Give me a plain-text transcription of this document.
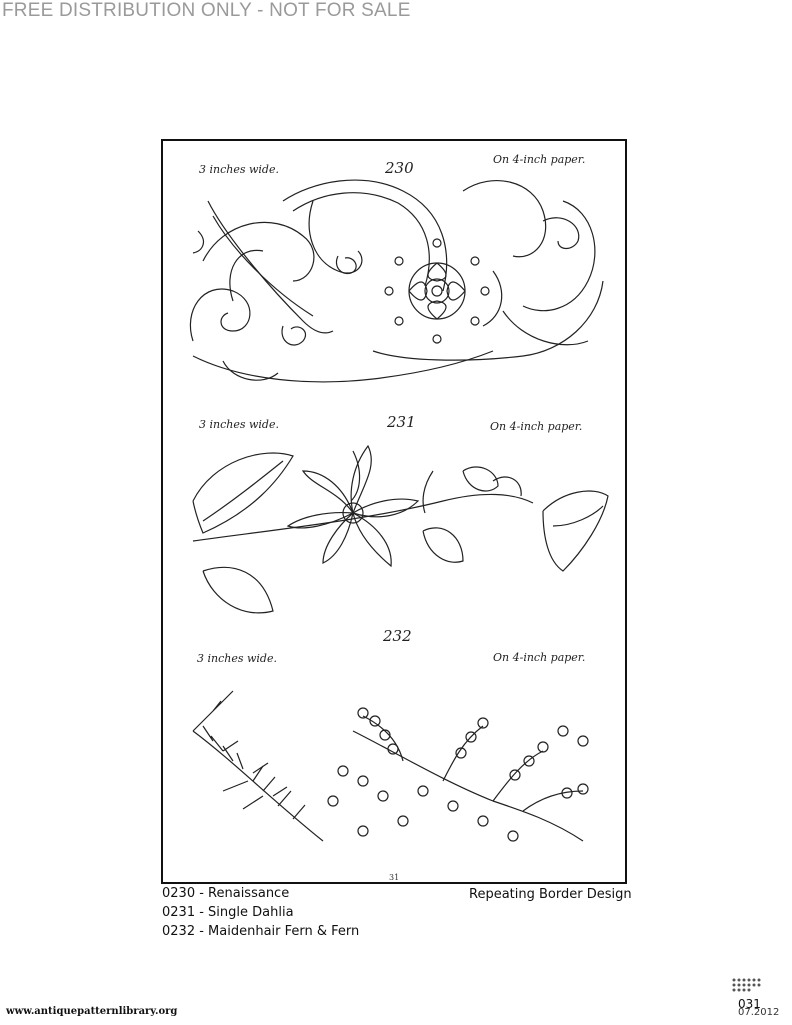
FREE DISTRIBUTION ONLY - NOT FOR SALE
3 inches wide.	230	On 4-inch paper.
3 inches wide.	231	On 4-inch paper.
232
3 inches wide.	On 4-inch paper.
31
0230 - Renaissance
0231 - Single Dahlia
0232 - Maidenhair Fern & Fern
Repeating Border Design
www.antiquepatternlibrary.org	07.2012
031
